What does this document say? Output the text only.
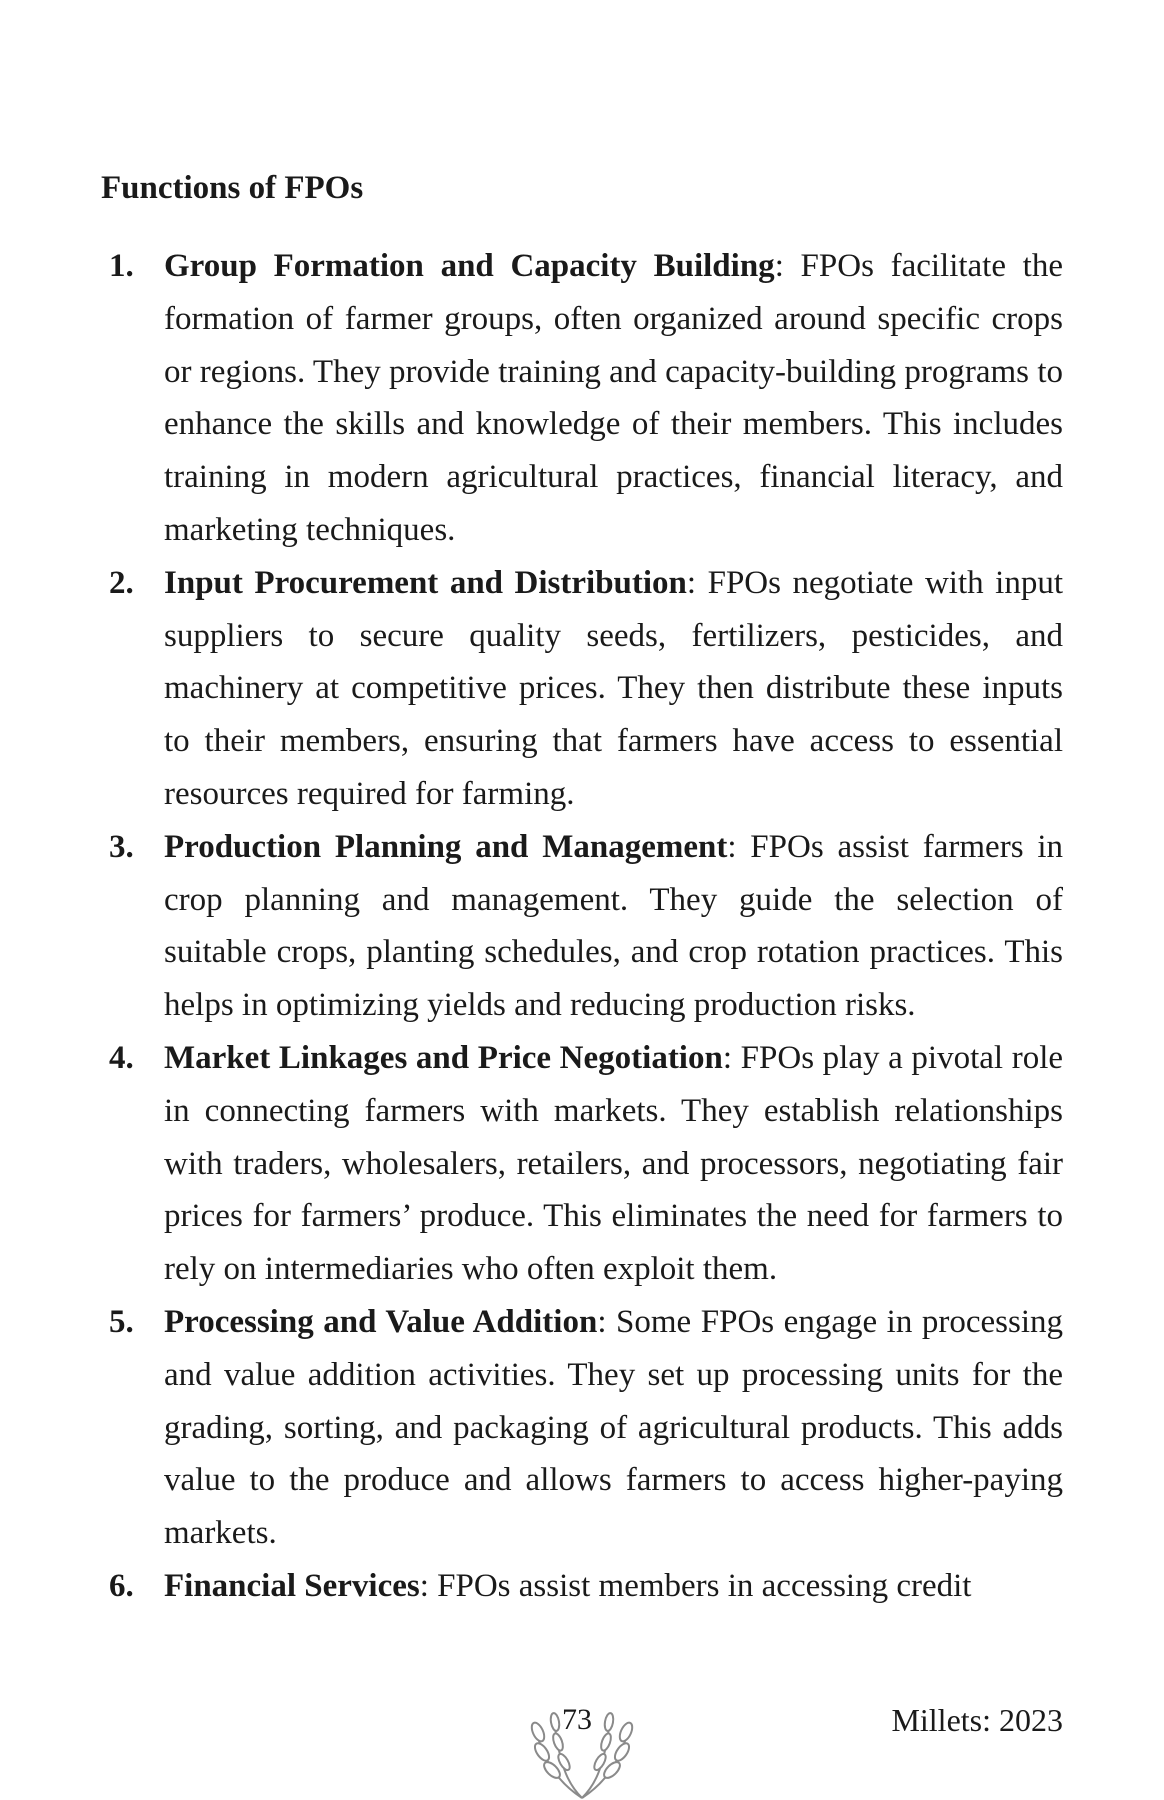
Functions of FPOs
1. Group Formation and Capacity Building: FPOs facilitate the formation of farmer groups, often organized around specific crops or regions. They provide training and capacity-building programs to enhance the skills and knowledge of their members. This includes training in modern agricultural practices, financial literacy, and marketing techniques.
2. Input Procurement and Distribution: FPOs negotiate with input suppliers to secure quality seeds, fertilizers, pesticides, and machinery at competitive prices. They then distribute these inputs to their members, ensuring that farmers have access to essential resources required for farming.
3. Production Planning and Management: FPOs assist farmers in crop planning and management. They guide the selection of suitable crops, planting schedules, and crop rotation practices. This helps in optimizing yields and reducing production risks.
4. Market Linkages and Price Negotiation: FPOs play a pivotal role in connecting farmers with markets. They establish relationships with traders, wholesalers, retailers, and processors, negotiating fair prices for farmers’ produce. This eliminates the need for farmers to rely on intermediaries who often exploit them.
5. Processing and Value Addition: Some FPOs engage in processing and value addition activities. They set up processing units for the grading, sorting, and packaging of agricultural products. This adds value to the produce and allows farmers to access higher-paying markets.
6. Financial Services: FPOs assist members in accessing credit
73	Millets: 2023
